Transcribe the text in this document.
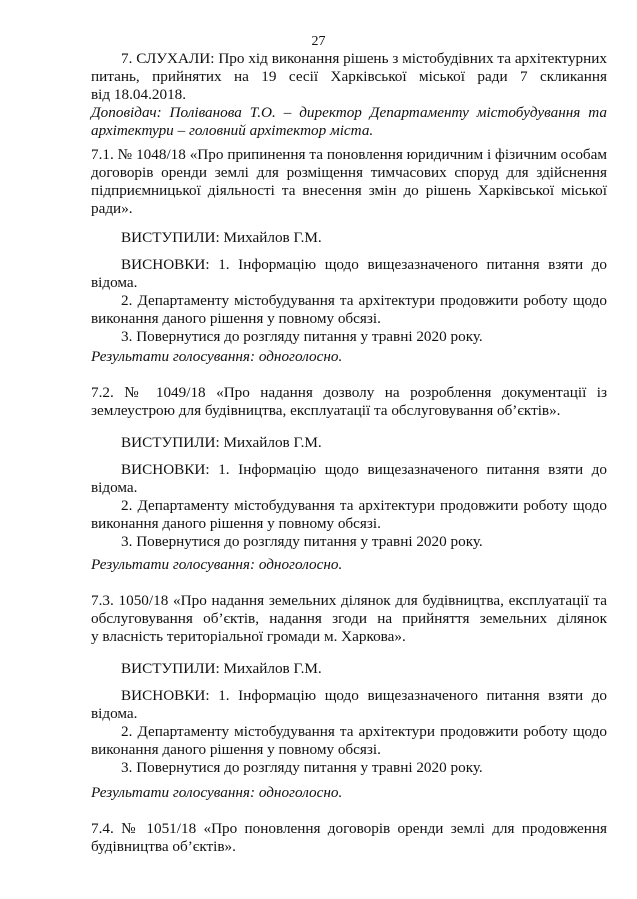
27
7. СЛУХАЛИ: Про хід виконання рішень з містобудівних та архітектурних
питань, прийнятих на 19 сесії Харківської міської ради 7 скликання
від 18.04.2018.
Доповідач: Поліванова Т.О. – директор Департаменту містобудування та
архітектури – головний архітектор міста.
7.1. № 1048/18 «Про припинення та поновлення юридичним і фізичним особам
договорів оренди землі для розміщення тимчасових споруд для здійснення
підприємницької діяльності та внесення змін до рішень Харківської міської
ради».
ВИСТУПИЛИ: Михайлов Г.М.
ВИСНОВКИ: 1. Інформацію щодо вищезазначеного питання взяти до
відома.
2. Департаменту містобудування та архітектури продовжити роботу щодо
виконання даного рішення у повному обсязі.
3. Повернутися до розгляду питання у травні 2020 року.
Результати голосування: одноголосно.
7.2. № 1049/18 «Про надання дозволу на розроблення документації із
землеустрою для будівництва, експлуатації та обслуговування об’єктів».
ВИСТУПИЛИ: Михайлов Г.М.
ВИСНОВКИ: 1. Інформацію щодо вищезазначеного питання взяти до
відома.
2. Департаменту містобудування та архітектури продовжити роботу щодо
виконання даного рішення у повному обсязі.
3. Повернутися до розгляду питання у травні 2020 року.
Результати голосування: одноголосно.
7.3. 1050/18 «Про надання земельних ділянок для будівництва, експлуатації та
обслуговування об’єктів, надання згоди на прийняття земельних ділянок
у власність територіальної громади м. Харкова».
ВИСТУПИЛИ: Михайлов Г.М.
ВИСНОВКИ: 1. Інформацію щодо вищезазначеного питання взяти до
відома.
2. Департаменту містобудування та архітектури продовжити роботу щодо
виконання даного рішення у повному обсязі.
3. Повернутися до розгляду питання у травні 2020 року.
Результати голосування: одноголосно.
7.4. № 1051/18 «Про поновлення договорів оренди землі для продовження
будівництва об’єктів».
